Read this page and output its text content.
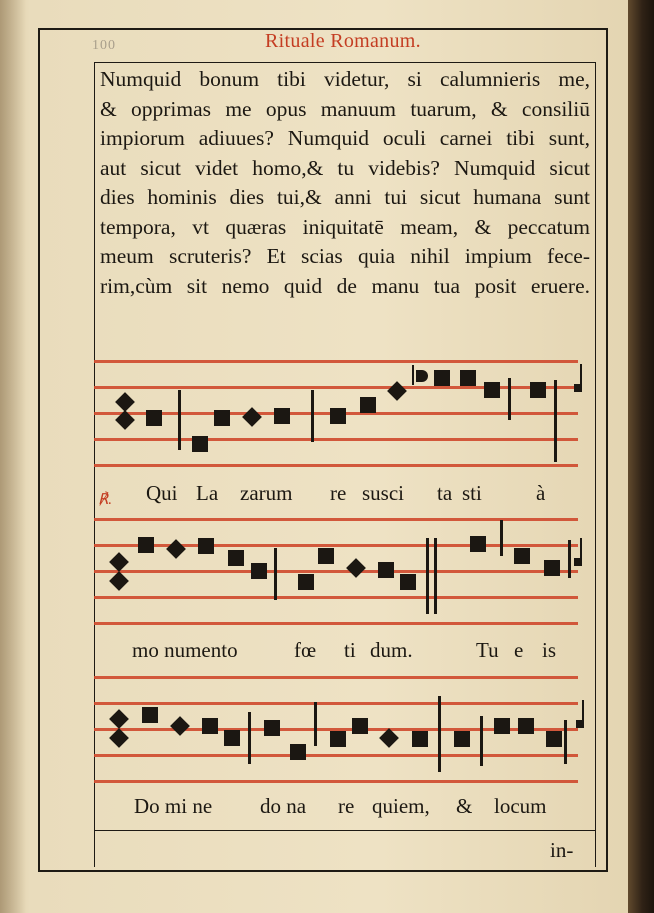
100	Rituale Romanum.
Numquid bonum tibi videtur, si calumnieris me,
& opprimas me opus manuum tuarum, & consiliū
impiorum adiuues? Numquid oculi carnei tibi sunt,
aut sicut videt homo,& tu videbis? Numquid sicut
dies hominis dies tui,& anni tui sicut humana sunt
tempora, vt quæras iniquitatē meam, & peccatum
meum scruteris? Et scias quia nihil impium fece-
rim,cùm sit nemo quid de manu tua posit eruere.
℟. Qui La zarum re susci ta sti	à
mo numento	fœ ti dum.	Tu e is
Do mi ne do na re quiem, & locum
in-
